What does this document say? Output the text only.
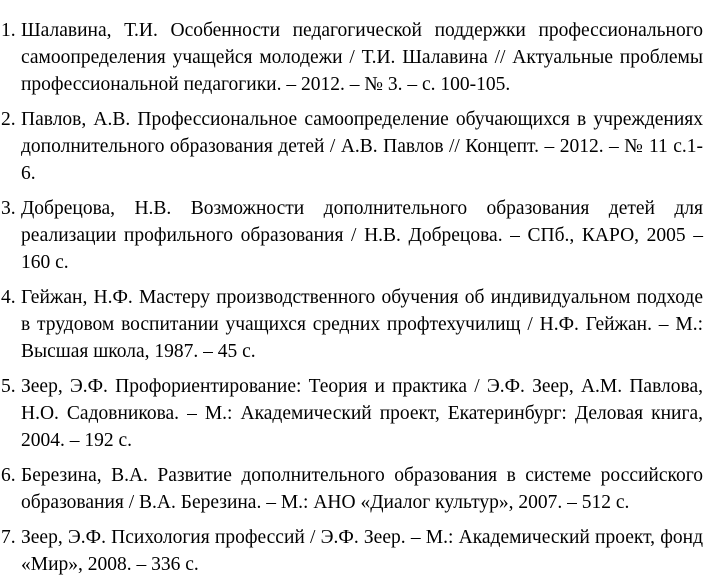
1. Шалавина, Т.И. Особенности педагогической поддержки профессионального самоопределения учащейся молодежи / Т.И. Шалавина // Актуальные проблемы профессиональной педагогики. – 2012. – № 3. – с. 100-105.
2. Павлов, А.В. Профессиональное самоопределение обучающихся в учреждениях дополнительного образования детей / А.В. Павлов // Концепт. – 2012. – № 11 с.1-6.
3. Добрецова, Н.В. Возможности дополнительного образования детей для реализации профильного образования / Н.В. Добрецова. – СПб., КАРО, 2005 – 160 с.
4. Гейжан, Н.Ф. Мастеру производственного обучения об индивидуальном подходе в трудовом воспитании учащихся средних профтехучилищ / Н.Ф. Гейжан. – М.: Высшая школа, 1987. – 45 с.
5. Зеер, Э.Ф. Профориентирование: Теория и практика / Э.Ф. Зеер, А.М. Павлова, Н.О. Садовникова. – М.: Академический проект, Екатеринбург: Деловая книга, 2004. – 192 с.
6. Березина, В.А. Развитие дополнительного образования в системе российского образования / В.А. Березина. – М.: АНО «Диалог культур», 2007. – 512 с.
7. Зеер, Э.Ф. Психология профессий / Э.Ф. Зеер. – М.: Академический проект, фонд «Мир», 2008. – 336 с.
